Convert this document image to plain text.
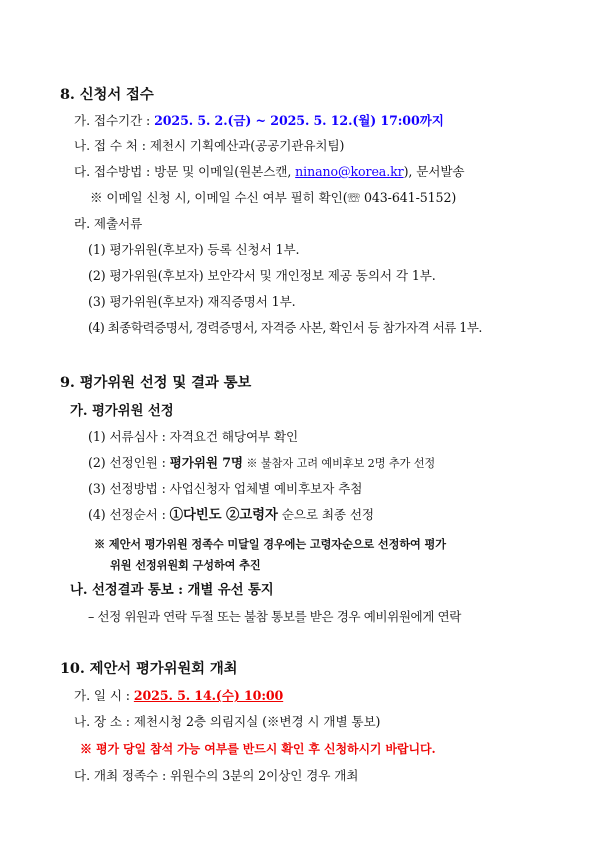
8. 신청서 접수
가. 접수기간 : 2025. 5. 2.(금) ~ 2025. 5. 12.(월) 17:00까지
나. 접 수 처 : 제천시 기획예산과(공공기관유치팀)
다. 접수방법 : 방문 및 이메일(원본스캔, ninano@korea.kr), 문서발송
※ 이메일 신청 시, 이메일 수신 여부 필히 확인(☏ 043-641-5152)
라. 제출서류
(1) 평가위원(후보자) 등록 신청서 1부.
(2) 평가위원(후보자) 보안각서 및 개인정보 제공 동의서 각 1부.
(3) 평가위원(후보자) 재직증명서 1부.
(4) 최종학력증명서, 경력증명서, 자격증 사본, 확인서 등 참가자격 서류 1부.
9. 평가위원 선정 및 결과 통보
가. 평가위원 선정
(1) 서류심사 : 자격요건 해당여부 확인
(2) 선정인원 : 평가위원 7명 ※ 불참자 고려 예비후보 2명 추가 선정
(3) 선정방법 : 사업신청자 업체별 예비후보자 추첨
(4) 선정순서 : ①다빈도 ②고령자 순으로 최종 선정
※ 제안서 평가위원 정족수 미달일 경우에는 고령자순으로 선정하여 평가
위원 선정위원회 구성하여 추진
나. 선정결과 통보 : 개별 유선 통지
– 선정 위원과 연락 두절 또는 불참 통보를 받은 경우 예비위원에게 연락
10. 제안서 평가위원회 개최
가. 일 시 : 2025. 5. 14.(수) 10:00
나. 장 소 : 제천시청 2층 의림지실 (※변경 시 개별 통보)
※ 평가 당일 참석 가능 여부를 반드시 확인 후 신청하시기 바랍니다.
다. 개최 정족수 : 위원수의 3분의 2이상인 경우 개최
